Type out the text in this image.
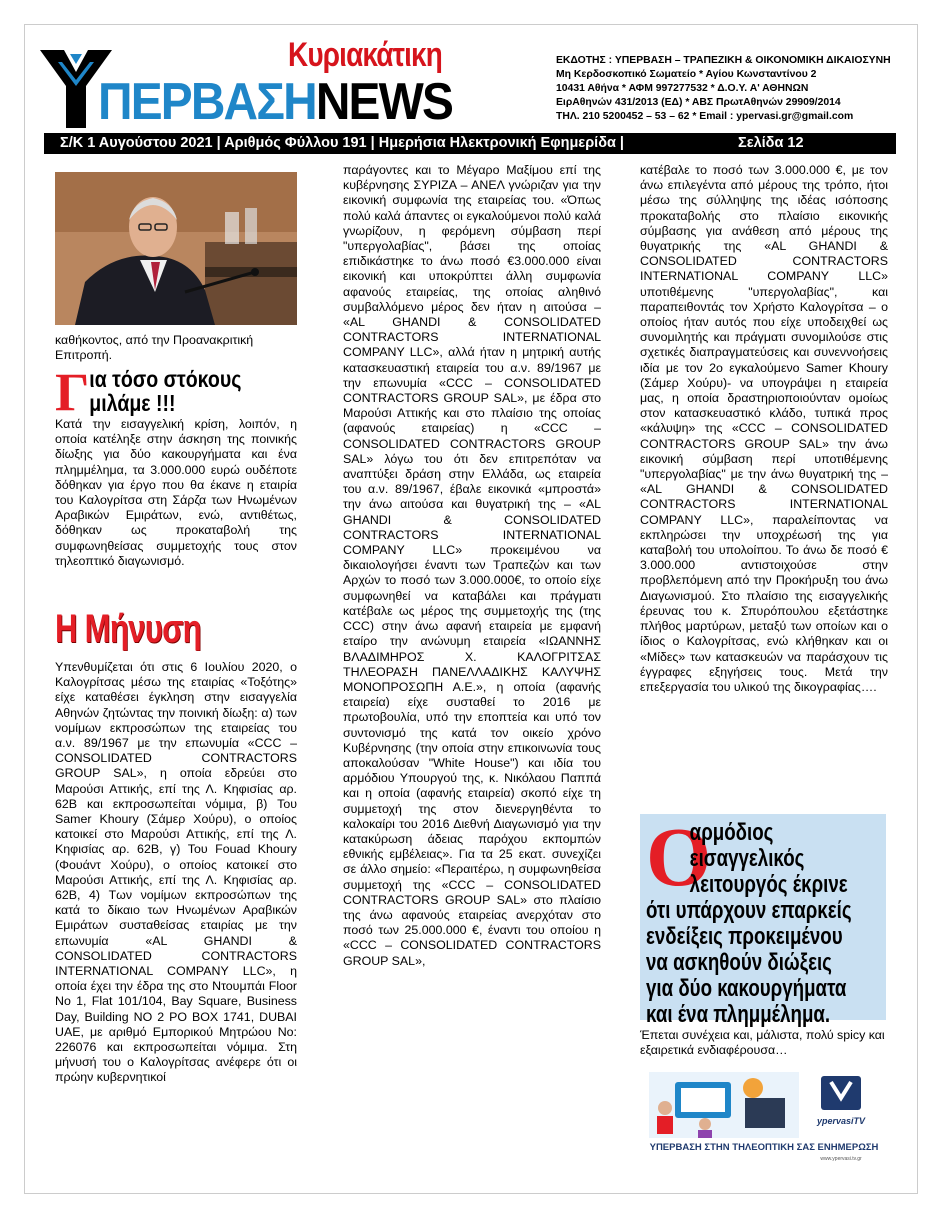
Κυριακάτικη
ΠΕΡΒΑΣΗNEWS
ΕΚΔΟΤΗΣ : ΥΠΕΡΒΑΣΗ – ΤΡΑΠΕΖΙΚΗ & ΟΙΚΟΝΟΜΙΚΗ ΔΙΚΑΙΟΣΥΝΗ
Μη Κερδοσκοπικό Σωματείο * Αγίου Κωνσταντίνου 2
10431 Αθήνα * ΑΦΜ 997277532 * Δ.Ο.Υ. Α' ΑΘΗΝΩΝ
ΕιρΑθηνών 431/2013 (ΕΔ) * ΑΒΣ ΠρωτΑθηνών 29909/2014
ΤΗΛ. 210 5200452 – 53 – 62 * Email : ypervasi.gr@gmail.com
Σ/Κ 1 Αυγούστου 2021 | Αριθμός Φύλλου 191 | Ημερήσια Ηλεκτρονική Εφημερίδα |	Σελίδα 12

καθήκοντος, από την Προανακριτική Επιτροπή.

Γ ια τόσο στόκους
μιλάμε !!!

Κατά την εισαγγελική κρίση, λοιπόν, η οποία κατέληξε στην άσκηση της ποινικής δίωξης για δύο κακουργήματα και ένα πλημμέλημα, τα 3.000.000 ευρώ ουδέποτε δόθηκαν για έργο που θα έκανε η εταιρία του Καλογρίτσα στη Σάρζα των Ηνωμένων Αραβικών Εμιράτων, ενώ, αντιθέτως, δόθηκαν ως προκαταβολή της συμφωνηθείσας συμμετοχής τους στον τηλεοπτικό διαγωνισμό.

Η Μήνυση

Υπενθυμίζεται ότι στις 6 Ιουλίου 2020, ο Καλογρίτσας μέσω της εταιρίας «Τοξότης» είχε καταθέσει έγκληση στην εισαγγελία Αθηνών ζητώντας την ποινική δίωξη: α) των νομίμων εκπροσώπων της εταιρείας του α.ν. 89/1967 με την επωνυμία «CCC – CONSOLIDATED CONTRACTORS GROUP SAL», η οποία εδρεύει στο Μαρούσι Αττικής, επί της Λ. Κηφισίας αρ. 62Β και εκπροσωπείται νόμιμα, β) Του Samer Khoury (Σάμερ Χούρυ), ο οποίος κατοικεί στο Μαρούσι Αττικής, επί της Λ. Κηφισίας αρ. 62Β, γ) Του Fouad Khoury (Φουάντ Χούρυ), ο οποίος κατοικεί στο Μαρούσι Αττικής, επί της Λ. Κηφισίας αρ. 62Β, 4) Των νομίμων εκπροσώπων της κατά το δίκαιο των Ηνωμένων Αραβικών Εμιράτων συσταθείσας εταιρίας με την επωνυμία «AL GHANDI & CONSOLIDATED CONTRACTORS INTERNATIONAL COMPANY LLC», η οποία έχει την έδρα της στο Ντουμπάι Floor No 1, Flat 101/104, Bay Square, Business Day, Building NO 2 PO BOX 1741, DUBAI UAE, με αριθμό Εμπορικού Μητρώου No: 226076 και εκπροσωπείται νόμιμα. Στη μήνυσή του ο Καλογρίτσας ανέφερε ότι οι πρώην κυβερνητικοί

παράγοντες και το Μέγαρο Μαξίμου επί της κυβέρνησης ΣΥΡΙΖΑ – ΑΝΕΛ γνώριζαν για την εικονική συμφωνία της εταιρείας του. «Όπως πολύ καλά άπαντες οι εγκαλούμενοι πολύ καλά γνωρίζουν, η φερόμενη σύμβαση περί "υπεργολαβίας", βάσει της οποίας επιδικάστηκε το άνω ποσό €3.000.000 είναι εικονική και υποκρύπτει άλλη συμφωνία αφανούς εταιρείας, της οποίας αληθινό συμβαλλόμενο μέρος δεν ήταν η αιτούσα – «AL GHANDI & CONSOLIDATED CONTRACTORS INTERNATIONAL COMPANY LLC», αλλά ήταν η μητρική αυτής κατασκευαστική εταιρεία του α.ν. 89/1967 με την επωνυμία «CCC – CONSOLIDATED CONTRACTORS GROUP SAL», με έδρα στο Μαρούσι Αττικής και στο πλαίσιο της οποίας (αφανούς εταιρείας) η «CCC – CONSOLIDATED CONTRACTORS GROUP SAL» λόγω του ότι δεν επιτρεπόταν να αναπτύξει δράση στην Ελλάδα, ως εταιρεία του α.ν. 89/1967, έβαλε εικονικά «μπροστά» την άνω αιτούσα και θυγατρική της – «AL GHANDI & CONSOLIDATED CONTRACTORS INTERNATIONAL COMPANY LLC» προκειμένου να δικαιολογήσει έναντι των Τραπεζών και των Αρχών το ποσό των 3.000.000€, το οποίο είχε συμφωνηθεί να καταβάλει και πράγματι κατέβαλε ως μέρος της συμμετοχής της (της CCC) στην άνω αφανή εταιρεία με εμφανή εταίρο την ανώνυμη εταιρεία «ΙΩΑΝΝΗΣ ΒΛΑΔΙΜΗΡΟΣ Χ. ΚΑΛΟΓΡΙΤΣΑΣ ΤΗΛΕΟΡΑΣΗ ΠΑΝΕΛΛΑΔΙΚΗΣ ΚΑΛΥΨΗΣ ΜΟΝΟΠΡΟΣΩΠΗ Α.Ε.», η οποία (αφανής εταιρεία) είχε συσταθεί το 2016 με πρωτοβουλία, υπό την εποπτεία και υπό τον συντονισμό της κατά τον οικείο χρόνο Κυβέρνησης (την οποία στην επικοινωνία τους αποκαλούσαν "White House") και ιδία του αρμόδιου Υπουργού της, κ. Νικόλαου Παππά και η οποία (αφανής εταιρεία) σκοπό είχε τη συμμετοχή της στον διενεργηθέντα το καλοκαίρι του 2016 Διεθνή Διαγωνισμό για την κατακύρωση άδειας παρόχου εκπομπών εθνικής εμβέλειας». Για τα 25 εκατ. συνεχίζει σε άλλο σημείο: «Περαιτέρω, η συμφωνηθείσα συμμετοχή της «CCC – CONSOLIDATED CONTRACTORS GROUP SAL» στο πλαίσιο της άνω αφανούς εταιρείας ανερχόταν στο ποσό των 25.000.000 €, έναντι του οποίου η «CCC – CONSOLIDATED CONTRACTORS GROUP SAL»,

κατέβαλε το ποσό των 3.000.000 €, με τον άνω επιλεγέντα από μέρους της τρόπο, ήτοι μέσω της σύλληψης της ιδέας ισόποσης προκαταβολής στο πλαίσιο εικονικής σύμβασης για ανάθεση από μέρους της θυγατρικής της «AL GHANDI & CONSOLIDATED CONTRACTORS INTERNATIONAL COMPANY LLC» υποτιθέμενης "υπεργολαβίας", και παραπειθοντάς τον Χρήστο Καλογρίτσα – ο οποίος ήταν αυτός που είχε υποδειχθεί ως συνομιλητής και πράγματι συνομιλούσε στις σχετικές διαπραγματεύσεις και συνεννοήσεις ιδία με τον 2ο εγκαλούμενο Samer Khoury (Σάμερ Χούρυ)- να υπογράψει η εταιρεία μας, η οποία δραστηριοποιούνταν ομοίως στον κατασκευαστικό κλάδο, τυπικά προς «κάλυψη» της «CCC – CONSOLIDATED CONTRACTORS GROUP SAL» την άνω εικονική σύμβαση περί υποτιθέμενης "υπεργολαβίας" με την άνω θυγατρική της – «AL GHANDI & CONSOLIDATED CONTRACTORS INTERNATIONAL COMPANY LLC», παραλείποντας να εκπληρώσει την υποχρέωσή της για καταβολή του υπολοίπου. Το άνω δε ποσό € 3.000.000 αντιστοιχούσε στην προβλεπόμενη από την Προκήρυξη του άνω Διαγωνισμού. Στο πλαίσιο της εισαγγελικής έρευνας του κ. Σπυρόπουλου εξετάστηκε πλήθος μαρτύρων, μεταξύ των οποίων και ο ίδιος ο Καλογρίτσας, ενώ κλήθηκαν και οι «Μίδες» των κατασκευών να παράσχουν τις έγγραφες εξηγήσεις τους. Μετά την επεξεργασία του υλικού της δικογραφίας….

Ο
αρμόδιος
εισαγγελικός
λειτουργός έκρινε
ότι υπάρχουν επαρκείς
ενδείξεις προκειμένου
να ασκηθούν διώξεις
για δύο κακουργήματα
και ένα πλημμέλημα.

Έπεται συνέχεια και, μάλιστα, πολύ spicy και εξαιρετικά ενδιαφέρουσα…

ypervasiTV
ΥΠΕΡΒΑΣΗ ΣΤΗΝ ΤΗΛΕΟΠΤΙΚΗ ΣΑΣ ΕΝΗΜΕΡΩΣΗ
www.ypervasi.tv.gr
